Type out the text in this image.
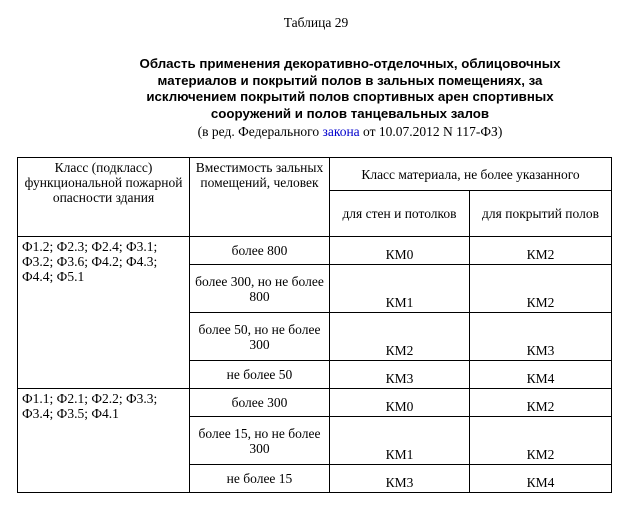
Таблица 29
Область применения декоративно-отделочных, облицовочных
материалов и покрытий полов в зальных помещениях, за
исключением покрытий полов спортивных арен спортивных
сооружений и полов танцевальных залов
(в ред. Федерального закона от 10.07.2012 N 117-ФЗ)
Класс (подкласс) функциональной пожарной опасности здания	Вместимость зальных помещений, человек	Класс материала, не более указанного	
		для стен и потолков	для покрытий полов
Ф1.2; Ф2.3; Ф2.4; Ф3.1; Ф3.2; Ф3.6; Ф4.2; Ф4.3; Ф4.4; Ф5.1	более 800	КМ0	КМ2
	более 300, но не более 800	КМ1	КМ2
	более 50, но не более 300	КМ2	КМ3
	не более 50	КМ3	КМ4
Ф1.1; Ф2.1; Ф2.2; Ф3.3; Ф3.4; Ф3.5; Ф4.1	более 300	КМ0	КМ2
	более 15, но не более 300	КМ1	КМ2
	не более 15	КМ3	КМ4
